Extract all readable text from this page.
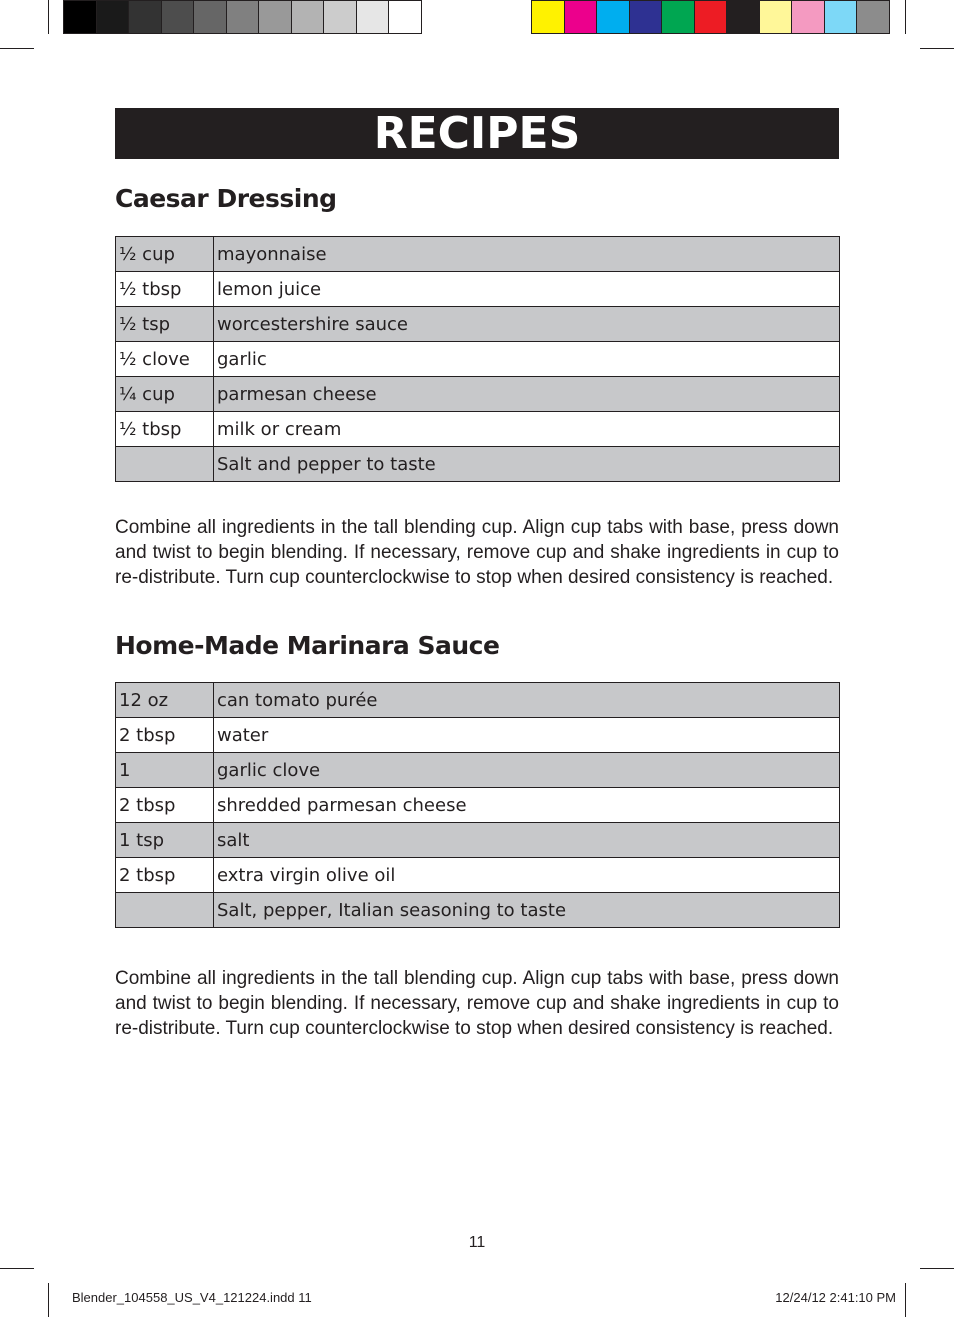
RECIPES
Caesar Dressing
½ cup	mayonnaise
½ tbsp	lemon juice
½ tsp	worcestershire sauce
½ clove	garlic
¼ cup	parmesan cheese
½ tbsp	milk or cream
	Salt and pepper to taste

Combine all ingredients in the tall blending cup. Align cup tabs with base, press down and twist to begin blending. If necessary, remove cup and shake ingredients in cup to re-distribute. Turn cup counterclockwise to stop when desired consistency is reached.

Home-Made Marinara Sauce
12 oz	can tomato purée
2 tbsp	water
1	garlic clove
2 tbsp	shredded parmesan cheese
1 tsp	salt
2 tbsp	extra virgin olive oil
	Salt, pepper, Italian seasoning to taste

Combine all ingredients in the tall blending cup. Align cup tabs with base, press down and twist to begin blending. If necessary, remove cup and shake ingredients in cup to re-distribute. Turn cup counterclockwise to stop when desired consistency is reached.

11
Blender_104558_US_V4_121224.indd 11	12/24/12 2:41:10 PM
